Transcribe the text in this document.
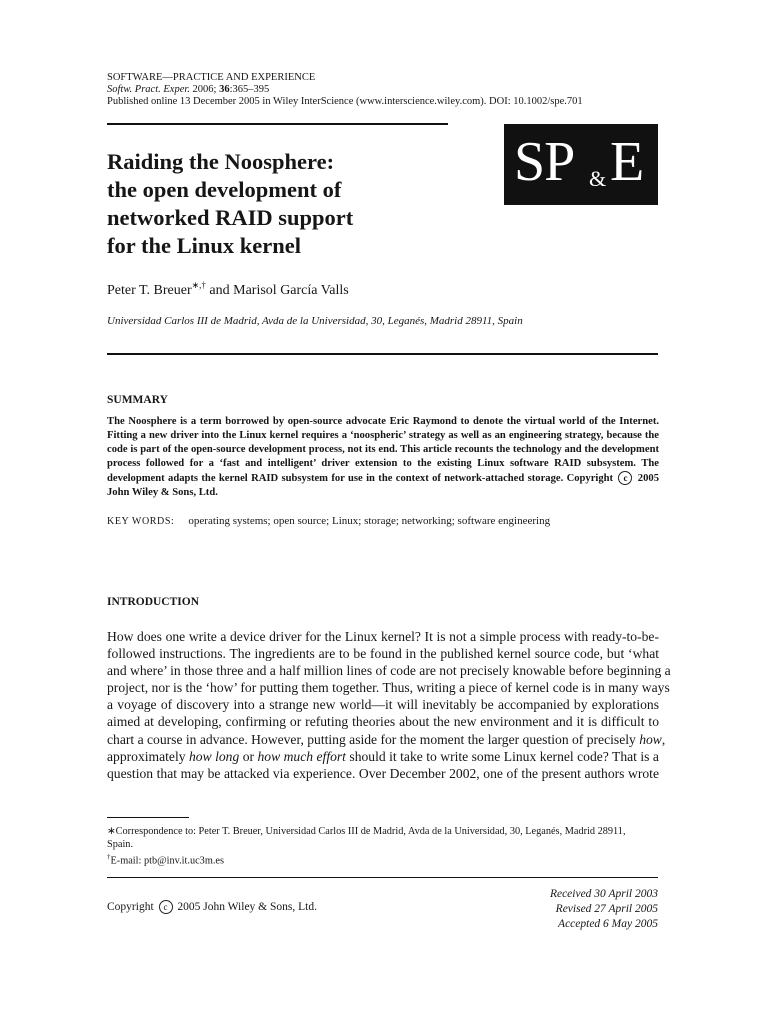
SOFTWARE—PRACTICE AND EXPERIENCE
Softw. Pract. Exper. 2006; 36:365–395
Published online 13 December 2005 in Wiley InterScience (www.interscience.wiley.com). DOI: 10.1002/spe.701
Raiding the Noosphere:
the open development of
networked RAID support
for the Linux kernel
SP & E
Peter T. Breuer∗,† and Marisol García Valls
Universidad Carlos III de Madrid, Avda de la Universidad, 30, Leganés, Madrid 28911, Spain
SUMMARY
The Noosphere is a term borrowed by open-source advocate Eric Raymond to denote the virtual world of the Internet. Fitting a new driver into the Linux kernel requires a ‘noospheric’ strategy as well as an engineering strategy, because the code is part of the open-source development process, not its end. This article recounts the technology and the development process followed for a ‘fast and intelligent’ driver extension to the existing Linux software RAID subsystem. The development adapts the kernel RAID subsystem for use in the context of network-attached storage. Copyright c 2005 John Wiley & Sons, Ltd.
KEY WORDS: operating systems; open source; Linux; storage; networking; software engineering
INTRODUCTION
How does one write a device driver for the Linux kernel? It is not a simple process with ready-to-be-
followed instructions. The ingredients are to be found in the published kernel source code, but ‘what
and where’ in those three and a half million lines of code are not precisely knowable before beginning a
project, nor is the ‘how’ for putting them together. Thus, writing a piece of kernel code is in many ways
a voyage of discovery into a strange new world—it will inevitably be accompanied by explorations
aimed at developing, confirming or refuting theories about the new environment and it is difficult to
chart a course in advance. However, putting aside for the moment the larger question of precisely how,
approximately how long or how much effort should it take to write some Linux kernel code? That is a
question that may be attacked via experience. Over December 2002, one of the present authors wrote
∗Correspondence to: Peter T. Breuer, Universidad Carlos III de Madrid, Avda de la Universidad, 30, Leganés, Madrid 28911,
Spain.
†E-mail: ptb@inv.it.uc3m.es
Copyright c 2005 John Wiley & Sons, Ltd.
Received 30 April 2003
Revised 27 April 2005
Accepted 6 May 2005
